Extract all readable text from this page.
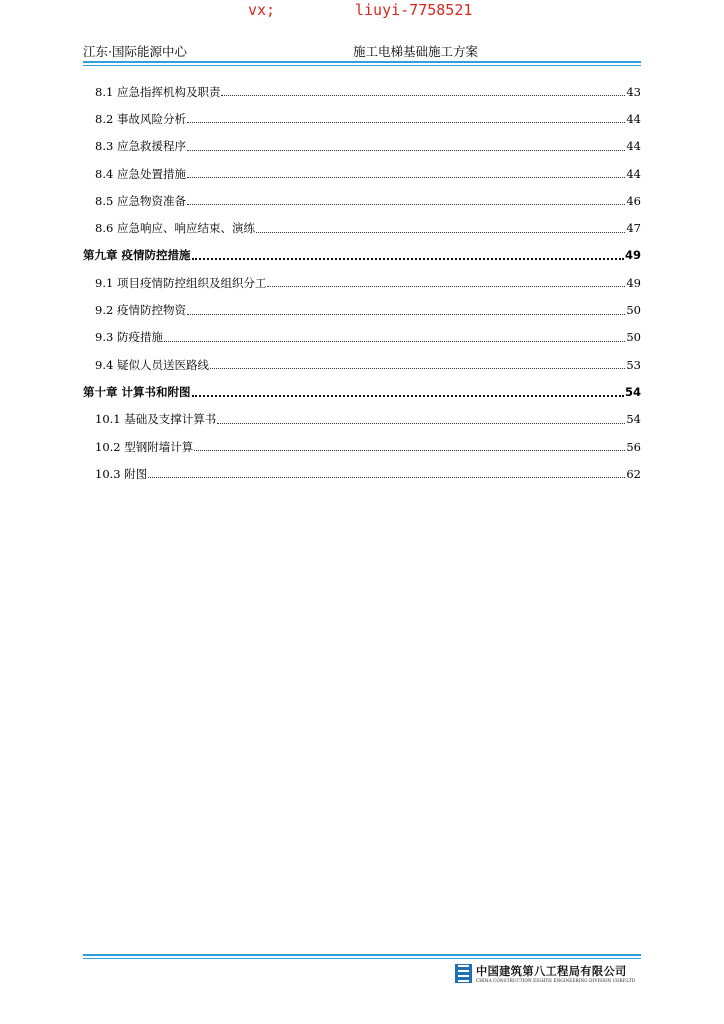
vx;	liuyi-7758521
江东·国际能源中心	施工电梯基础施工方案
8.1 应急指挥机构及职责	43
8.2 事故风险分析	44
8.3 应急救援程序	44
8.4 应急处置措施	44
8.5 应急物资准备	46
8.6 应急响应、响应结束、演练	47
第九章 疫情防控措施	49
9.1 项目疫情防控组织及组织分工	49
9.2 疫情防控物资	50
9.3 防疫措施	50
9.4 疑似人员送医路线	53
第十章 计算书和附图	54
10.1 基础及支撑计算书	54
10.2 型钢附墙计算	56
10.3 附图	62
中国建筑第八工程局有限公司
CHINA CONSTRUCTION EIGHTH ENGINEERING DIVISION CORP.LTD
